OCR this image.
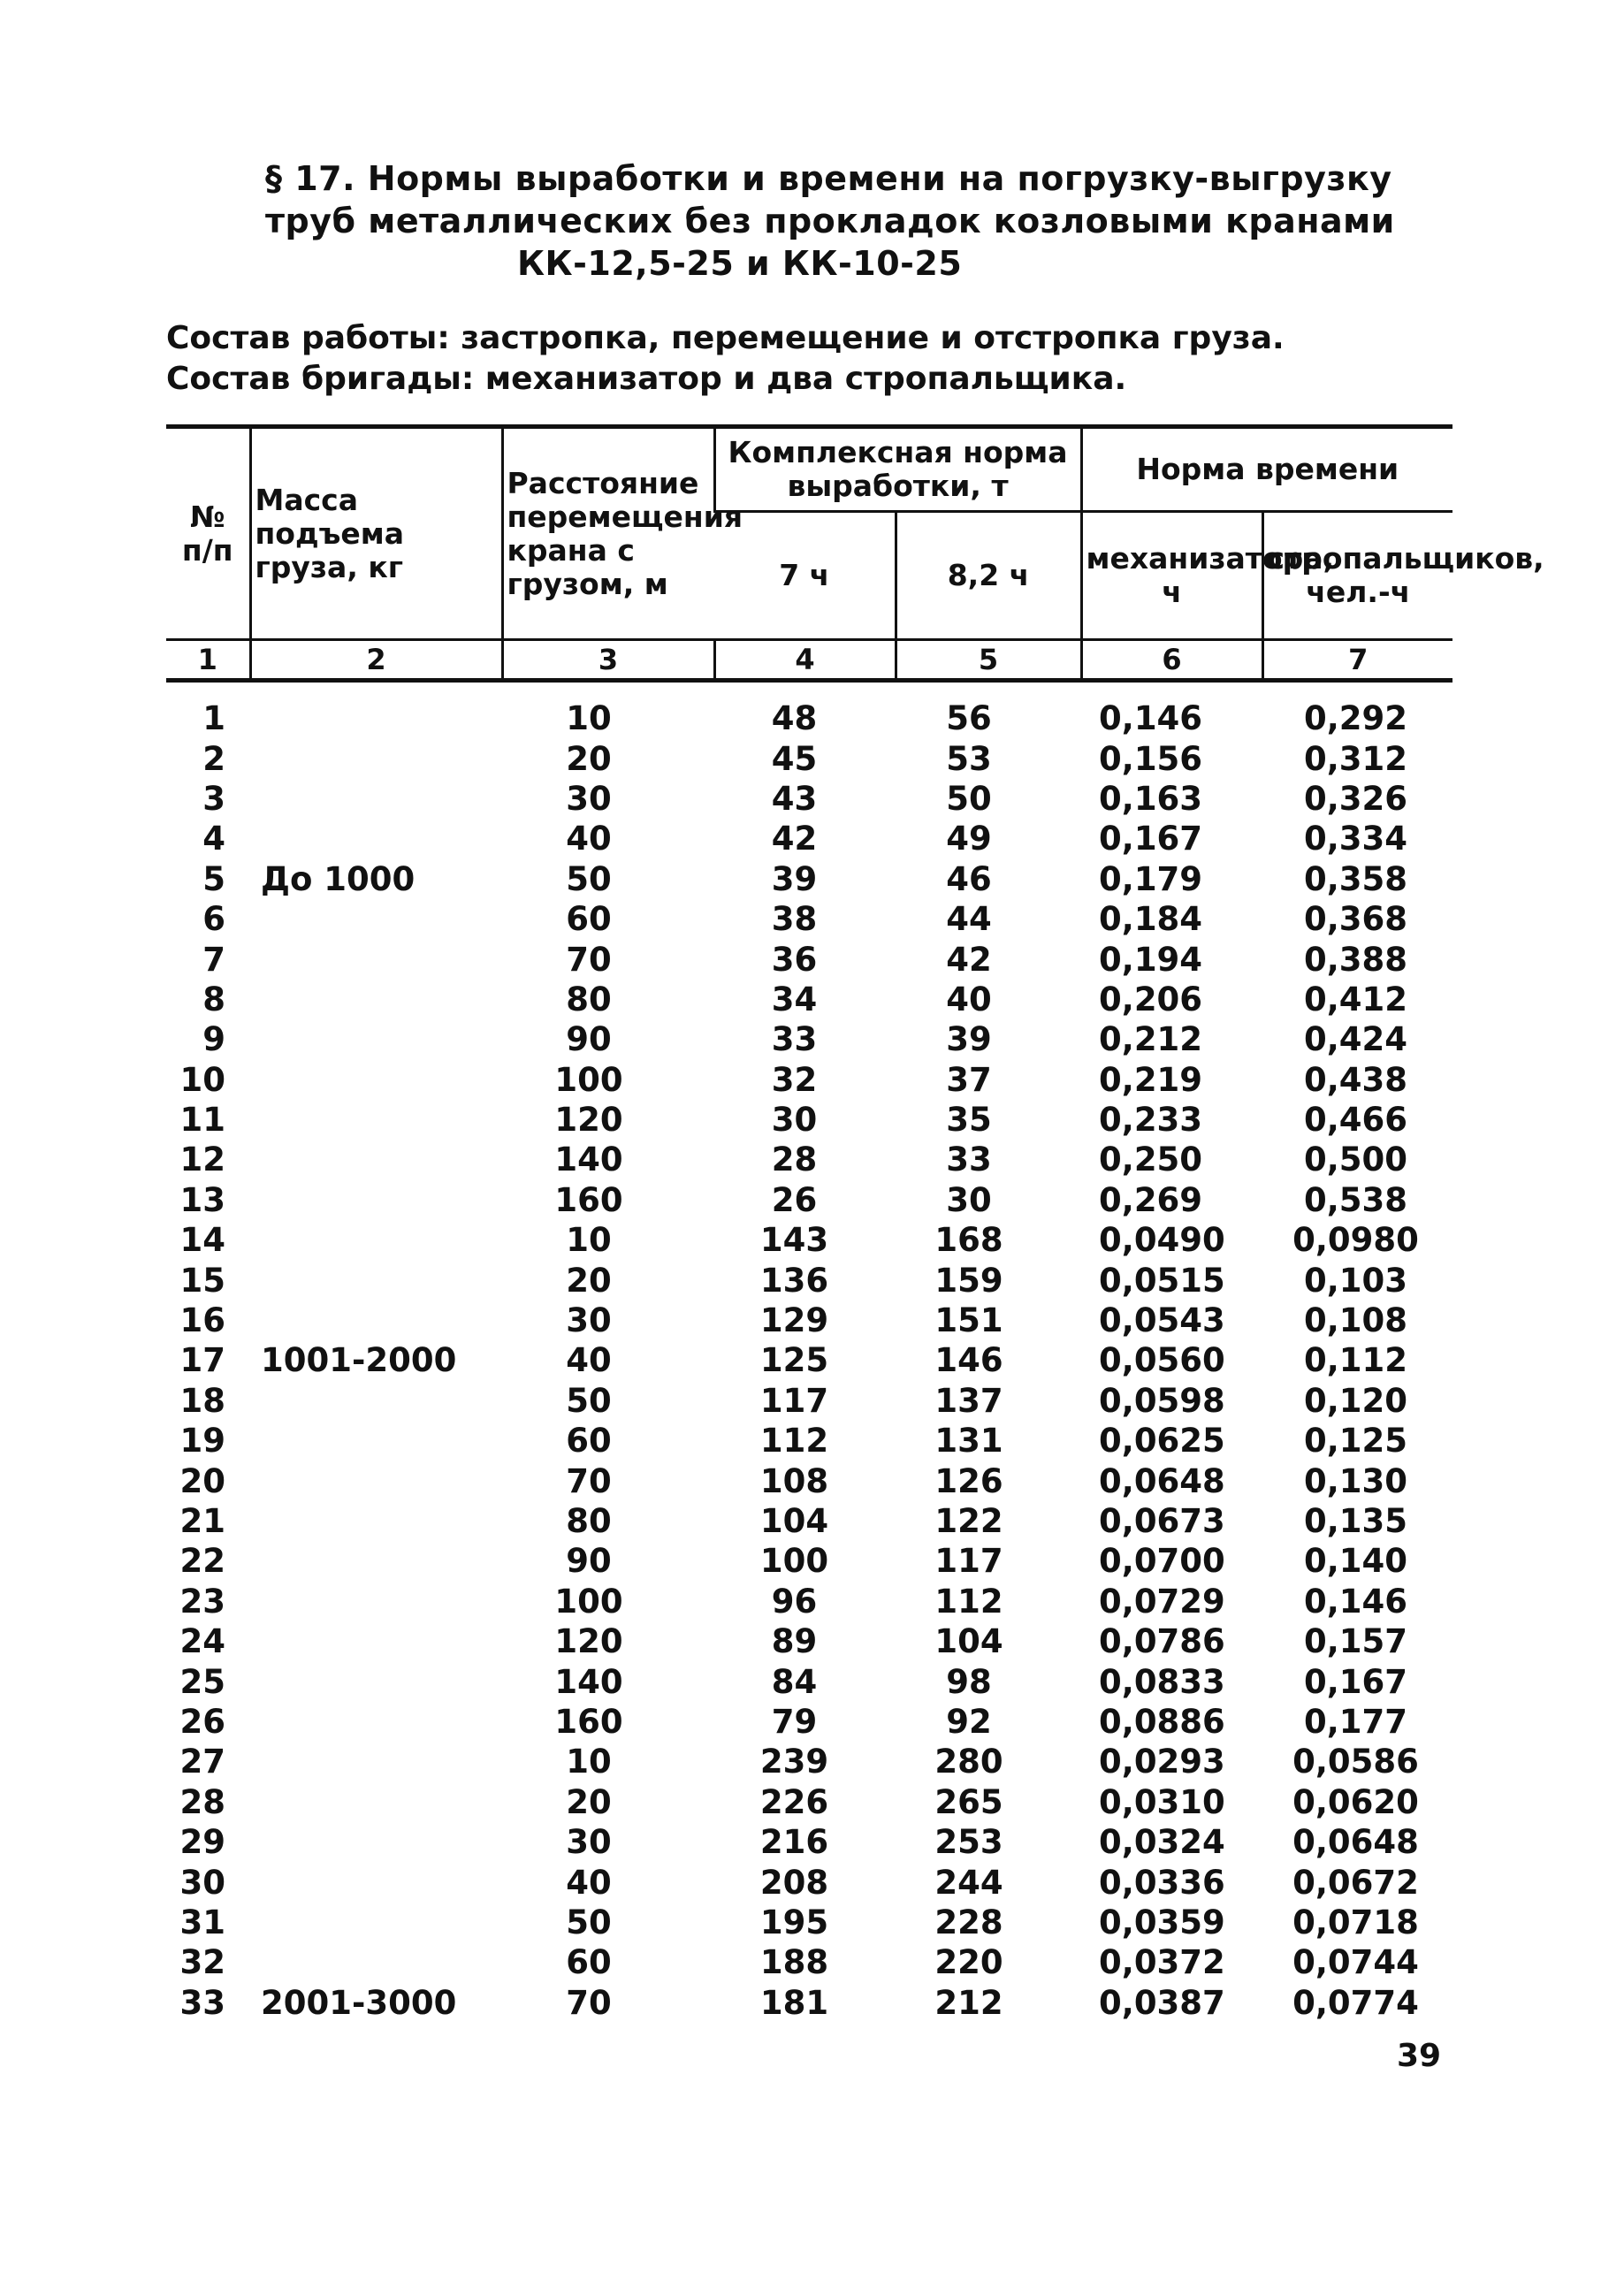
§ 17. Нормы выработки и времени на погрузку-выгрузку
труб металлических без прокладок козловыми кранами
КК-12,5-25 и КК-10-25
Состав работы: застропка, перемещение и отстропка груза.
Состав бригады: механизатор и два стропальщика.
№ п/п	Масса подъема груза, кг	Расстояние перемещения крана с грузом, м	Комплексная норма выработки, т		Норма времени	
			7 ч	8,2 ч	механизатора, ч	стропальщиков, чел.-ч
1	2	3	4	5	6	7
1		10	48	56	0,146	0,292
2		20	45	53	0,156	0,312
3		30	43	50	0,163	0,326
4		40	42	49	0,167	0,334
5	До 1000	50	39	46	0,179	0,358
6		60	38	44	0,184	0,368
7		70	36	42	0,194	0,388
8		80	34	40	0,206	0,412
9		90	33	39	0,212	0,424
10		100	32	37	0,219	0,438
11		120	30	35	0,233	0,466
12		140	28	33	0,250	0,500
13		160	26	30	0,269	0,538
14		10	143	168	0,0490	0,0980
15		20	136	159	0,0515	0,103
16		30	129	151	0,0543	0,108
17	1001-2000	40	125	146	0,0560	0,112
18		50	117	137	0,0598	0,120
19		60	112	131	0,0625	0,125
20		70	108	126	0,0648	0,130
21		80	104	122	0,0673	0,135
22		90	100	117	0,0700	0,140
23		100	96	112	0,0729	0,146
24		120	89	104	0,0786	0,157
25		140	84	98	0,0833	0,167
26		160	79	92	0,0886	0,177
27		10	239	280	0,0293	0,0586
28		20	226	265	0,0310	0,0620
29		30	216	253	0,0324	0,0648
30		40	208	244	0,0336	0,0672
31		50	195	228	0,0359	0,0718
32		60	188	220	0,0372	0,0744
33	2001-3000	70	181	212	0,0387	0,0774
39
